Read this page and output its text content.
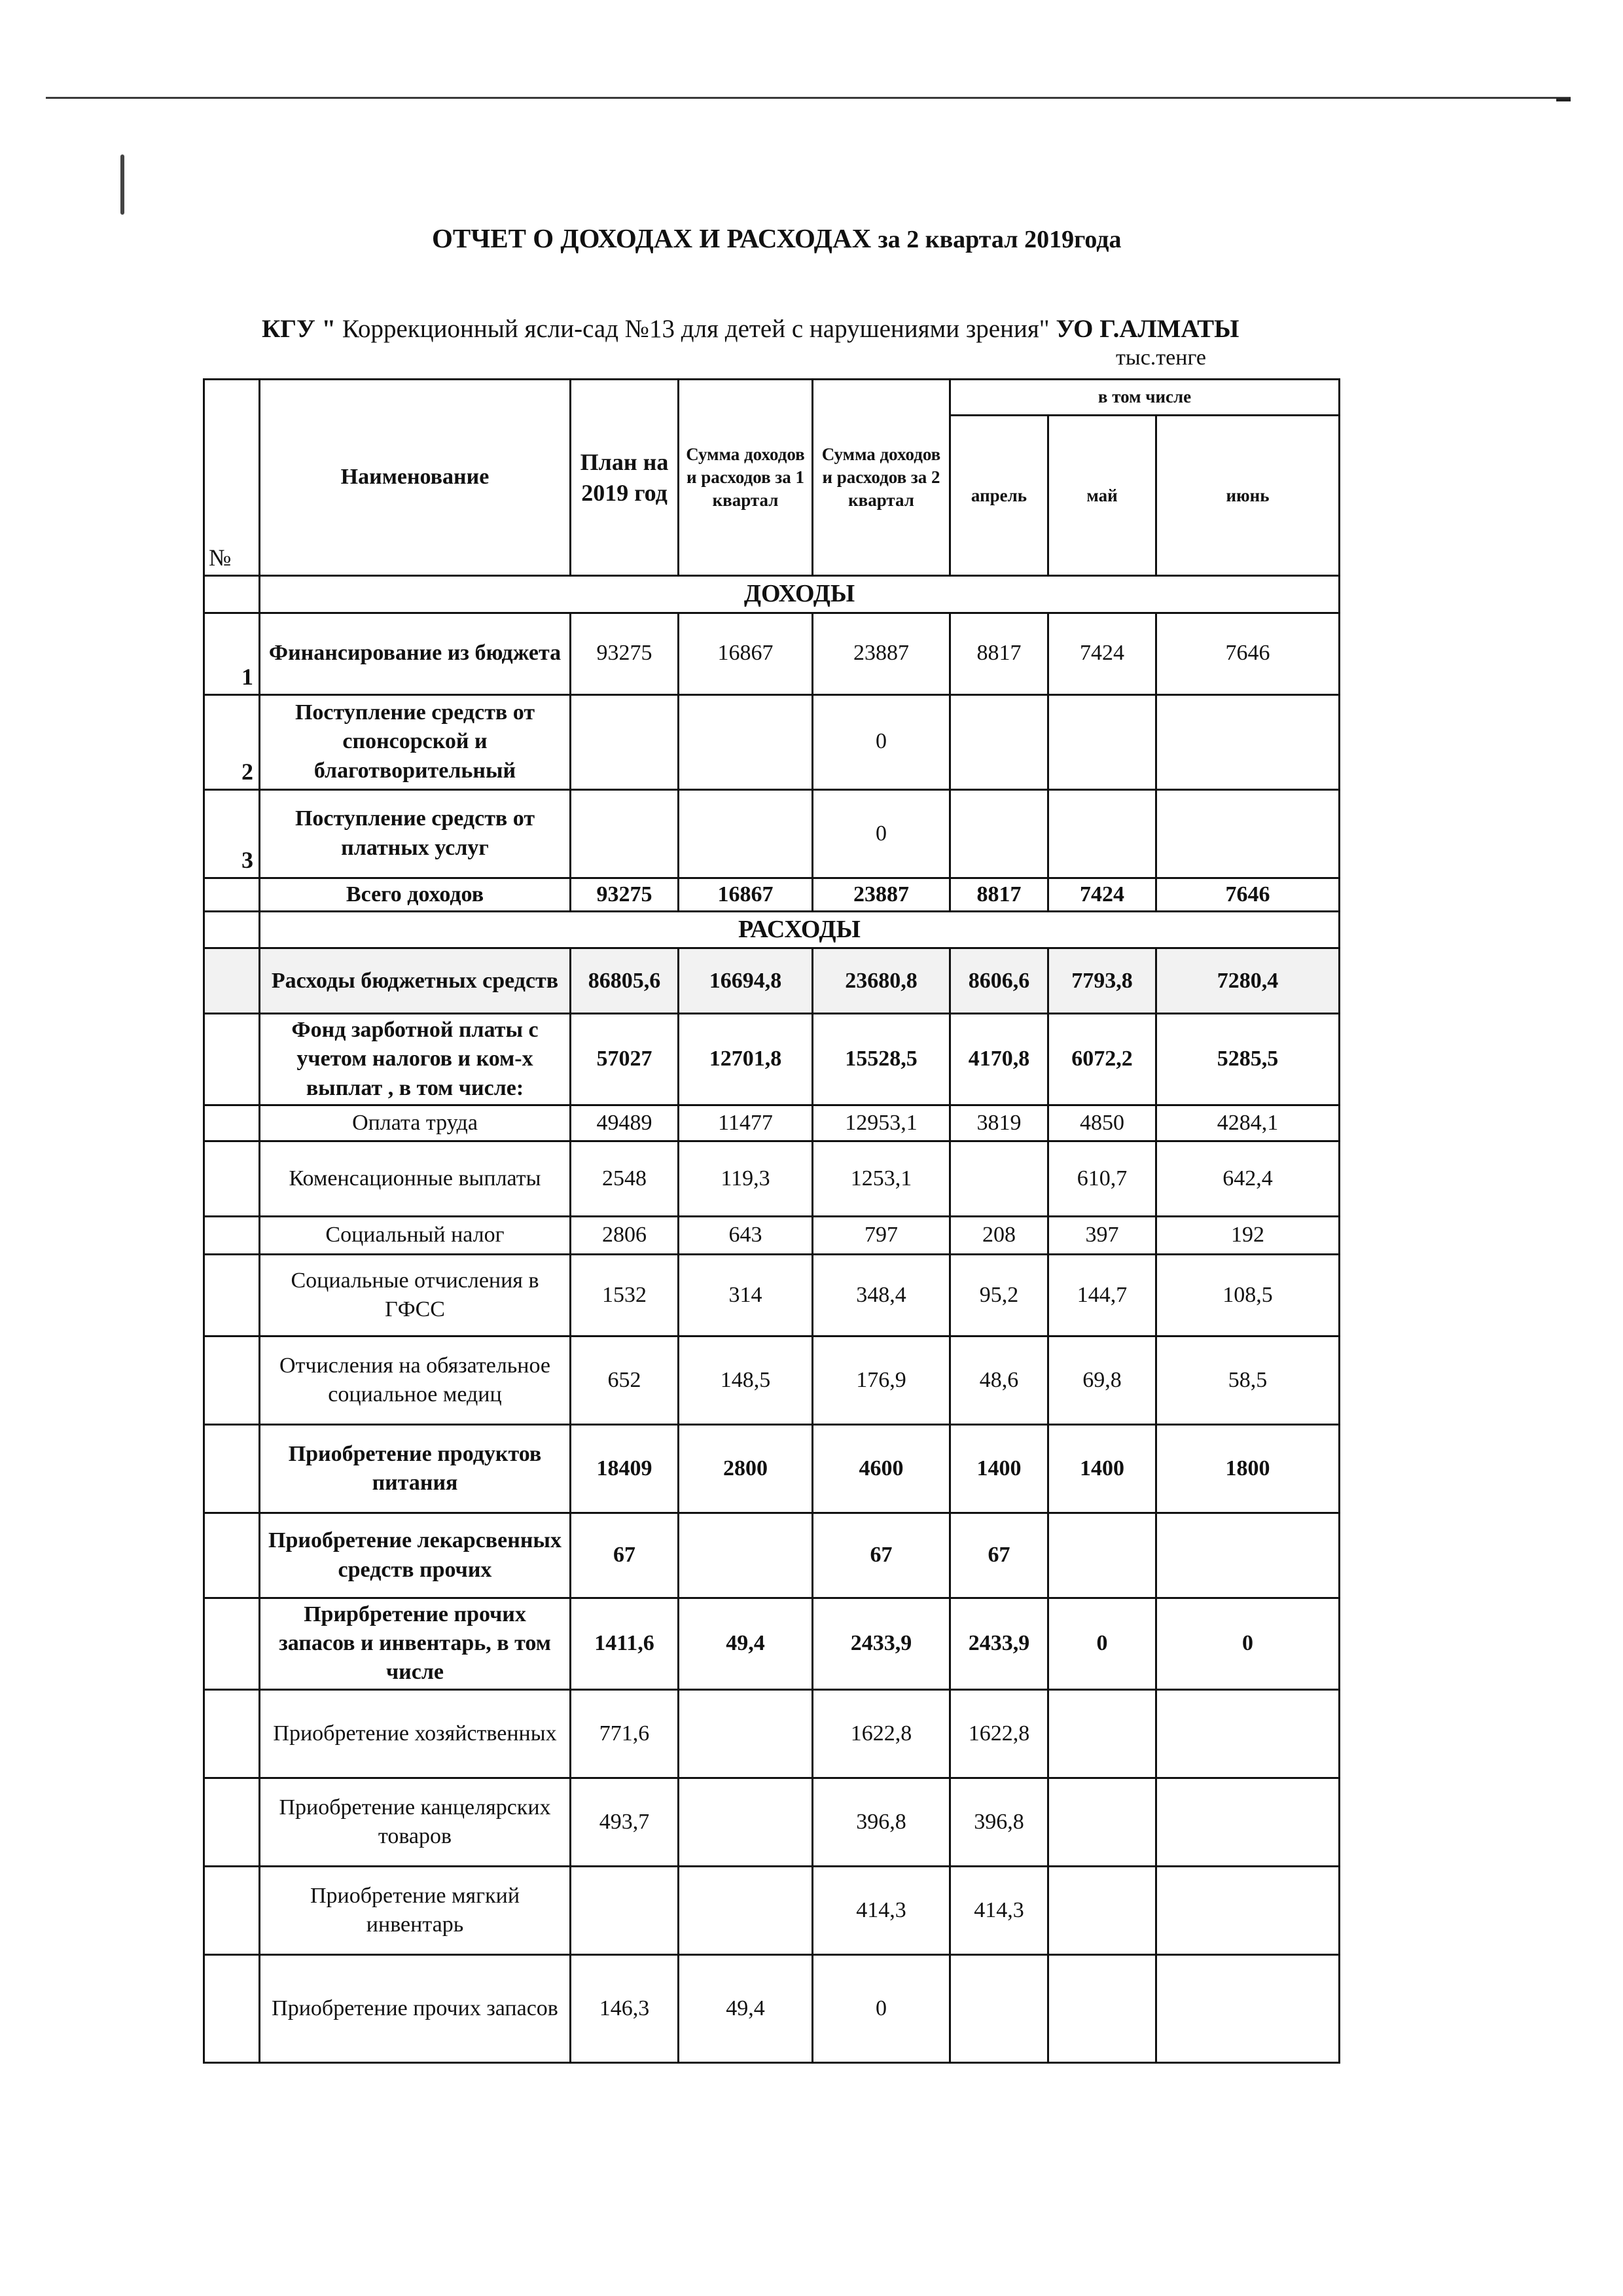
ОТЧЕТ О ДОХОДАХ И РАСХОДАХ за 2 квартал 2019года
КГУ " Коррекционный ясли-сад №13 для детей с нарушениями зрения" УО Г.АЛМАТЫ
тыс.тенге
№	Наименование	План на 2019 год	Сумма доходов и расходов за 1 квартал	Сумма доходов и расходов за 2 квартал	в том числе		
					апрель	май	июнь
	ДОХОДЫ						
1	Финансирование из бюджета	93275	16867	23887	8817	7424	7646
2	Поступление средств от спонсорской и благотворительный			0			
3	Поступление средств от платных услуг			0			
	Всего доходов	93275	16867	23887	8817	7424	7646
	РАСХОДЫ						
	Расходы бюджетных средств	86805,6	16694,8	23680,8	8606,6	7793,8	7280,4
	Фонд зарботной платы с учетом налогов и ком-х выплат , в том числе:	57027	12701,8	15528,5	4170,8	6072,2	5285,5
	Оплата труда	49489	11477	12953,1	3819	4850	4284,1
	Коменсационные выплаты	2548	119,3	1253,1		610,7	642,4
	Социальный налог	2806	643	797	208	397	192
	Социальные отчисления в ГФСС	1532	314	348,4	95,2	144,7	108,5
	Отчисления на обязательное социальное медиц	652	148,5	176,9	48,6	69,8	58,5
	Приобретение продуктов питания	18409	2800	4600	1400	1400	1800
	Приобретение лекарсвенных средств прочих	67		67	67		
	Прирбретение прочих запасов и инвентарь, в том числе	1411,6	49,4	2433,9	2433,9	0	0
	Приобретение хозяйственных	771,6		1622,8	1622,8		
	Приобретение канцелярских товаров	493,7		396,8	396,8		
	Приобретение мягкий инвентарь			414,3	414,3		
	Приобретение прочих запасов	146,3	49,4	0			
